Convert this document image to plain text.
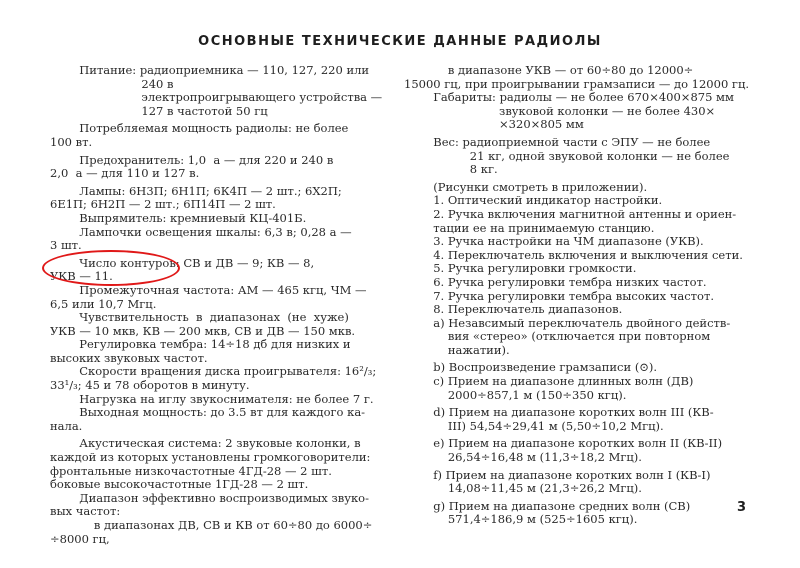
ОСНОВНЫЕ ТЕХНИЧЕСКИЕ ДАННЫЕ РАДИОЛЫ
Питание: радиоприемника — 110, 127, 220 или
240 в
электропроигрывающего устройства —
127 в частотой 50 гц
Потребляемая мощность радиолы: не более
100 вт.
Предохранитель: 1,0  а — для 220 и 240 в
2,0  а — для 110 и 127 в.
Лампы: 6Н3П; 6Н1П; 6К4П — 2 шт.; 6Х2П;
6Е1П; 6Н2П — 2 шт.; 6П14П — 2 шт.
Выпрямитель: кремниевый КЦ-401Б.
Лампочки освещения шкалы: 6,3 в; 0,28 а —
3 шт.
Число контуров: СВ и ДВ — 9; КВ — 8,
УКВ — 11.
Промежуточная частота: АМ — 465 кгц, ЧМ —
6,5 или 10,7 Мгц.
Чувствительность  в  диапазонах  (не  хуже)
УКВ — 10 мкв, КВ — 200 мкв, СВ и ДВ — 150 мкв.
Регулировка тембра: 14÷18 дб для низких и
высоких звуковых частот.
Скорости вращения диска проигрывателя: 16²/₃;
33¹/₃; 45 и 78 оборотов в минуту.
Нагрузка на иглу звукоснимателя: не более 7 г.
Выходная мощность: до 3.5 вт для каждого ка-
нала.
Акустическая система: 2 звуковые колонки, в
каждой из которых установлены громкоговорители:
фронтальные низкочастотные 4ГД-28 — 2 шт.
боковые высокочастотные 1ГД-28 — 2 шт.
Диапазон эффективно воспроизводимых звуко-
вых частот:
в диапазонах ДВ, СВ и КВ от 60÷80 до 6000÷
÷8000 гц,
в диапазоне УКВ — от 60÷80 до 12000÷
15000 гц, при проигрывании грамзаписи — до 12000 гц.
Габариты: радиолы — не более 670×400×875 мм
звуковой колонки — не более 430×
×320×805 мм
Вес: радиоприемной части с ЭПУ — не более
21 кг, одной звуковой колонки — не более
8 кг.
(Рисунки смотреть в приложении).
1. Оптический индикатор настройки.
2. Ручка включения магнитной антенны и ориен-
тации ее на принимаемую станцию.
3. Ручка настройки на ЧМ диапазоне (УКВ).
4. Переключатель включения и выключения сети.
5. Ручка регулировки громкости.
6. Ручка регулировки тембра низких частот.
7. Ручка регулировки тембра высоких частот.
8. Переключатель диапазонов.
a) Незавсимый переключатель двойного действ-
вия «стерео» (отключается при повторном
нажатии).
b) Воспроизведение грамзаписи (⊙).
c) Прием на диапазоне длинных волн (ДВ)
2000÷857,1 м (150÷350 кгц).
d) Прием на диапазоне коротких волн III (КВ-
III) 54,54÷29,41 м (5,50÷10,2 Мгц).
e) Прием на диапазоне коротких волн II (КВ-II)
26,54÷16,48 м (11,3÷18,2 Мгц).
f) Прием на диапазоне коротких волн I (КВ-I)
14,08÷11,45 м (21,3÷26,2 Мгц).
g) Прием на диапазоне средних волн (СВ)
571,4÷186,9 м (525÷1605 кгц).
3
